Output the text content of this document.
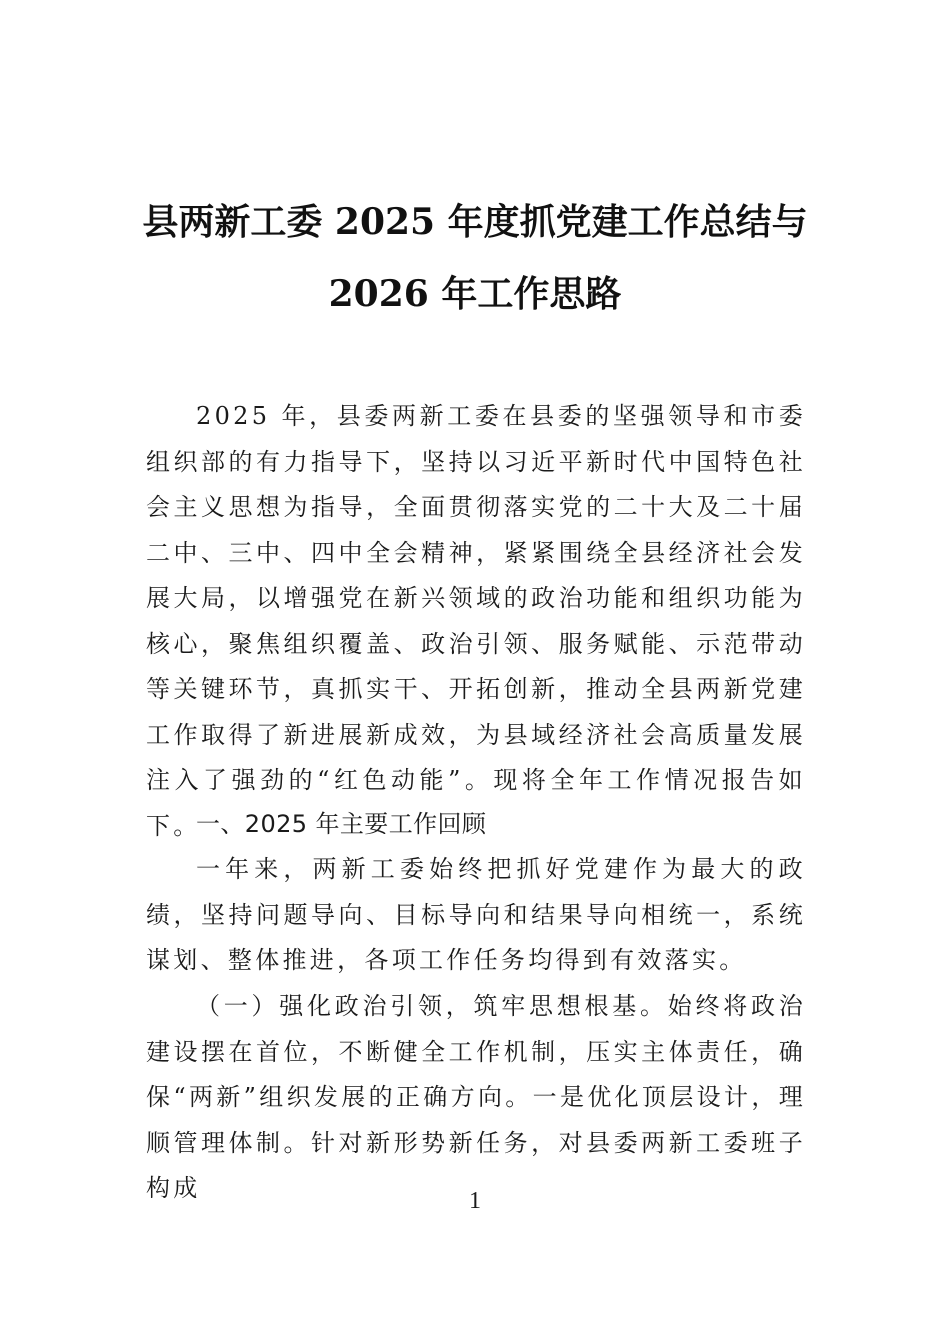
县两新工委 2025 年度抓党建工作总结与
2026 年工作思路

2025 年，县委两新工委在县委的坚强领导和市委组织部的有力指导下，坚持以习近平新时代中国特色社会主义思想为指导，全面贯彻落实党的二十大及二十届二中、三中、四中全会精神，紧紧围绕全县经济社会发展大局，以增强党在新兴领域的政治功能和组织功能为核心，聚焦组织覆盖、政治引领、服务赋能、示范带动等关键环节，真抓实干、开拓创新，推动全县两新党建工作取得了新进展新成效，为县域经济社会高质量发展注入了强劲的“红色动能”。现将全年工作情况报告如下。

一、2025 年主要工作回顾

一年来，两新工委始终把抓好党建作为最大的政绩，坚持问题导向、目标导向和结果导向相统一，系统谋划、整体推进，各项工作任务均得到有效落实。

（一）强化政治引领，筑牢思想根基。始终将政治建设摆在首位，不断健全工作机制，压实主体责任，确保“两新”组织发展的正确方向。一是优化顶层设计，理顺管理体制。针对新形势新任务，对县委两新工委班子构成	1
